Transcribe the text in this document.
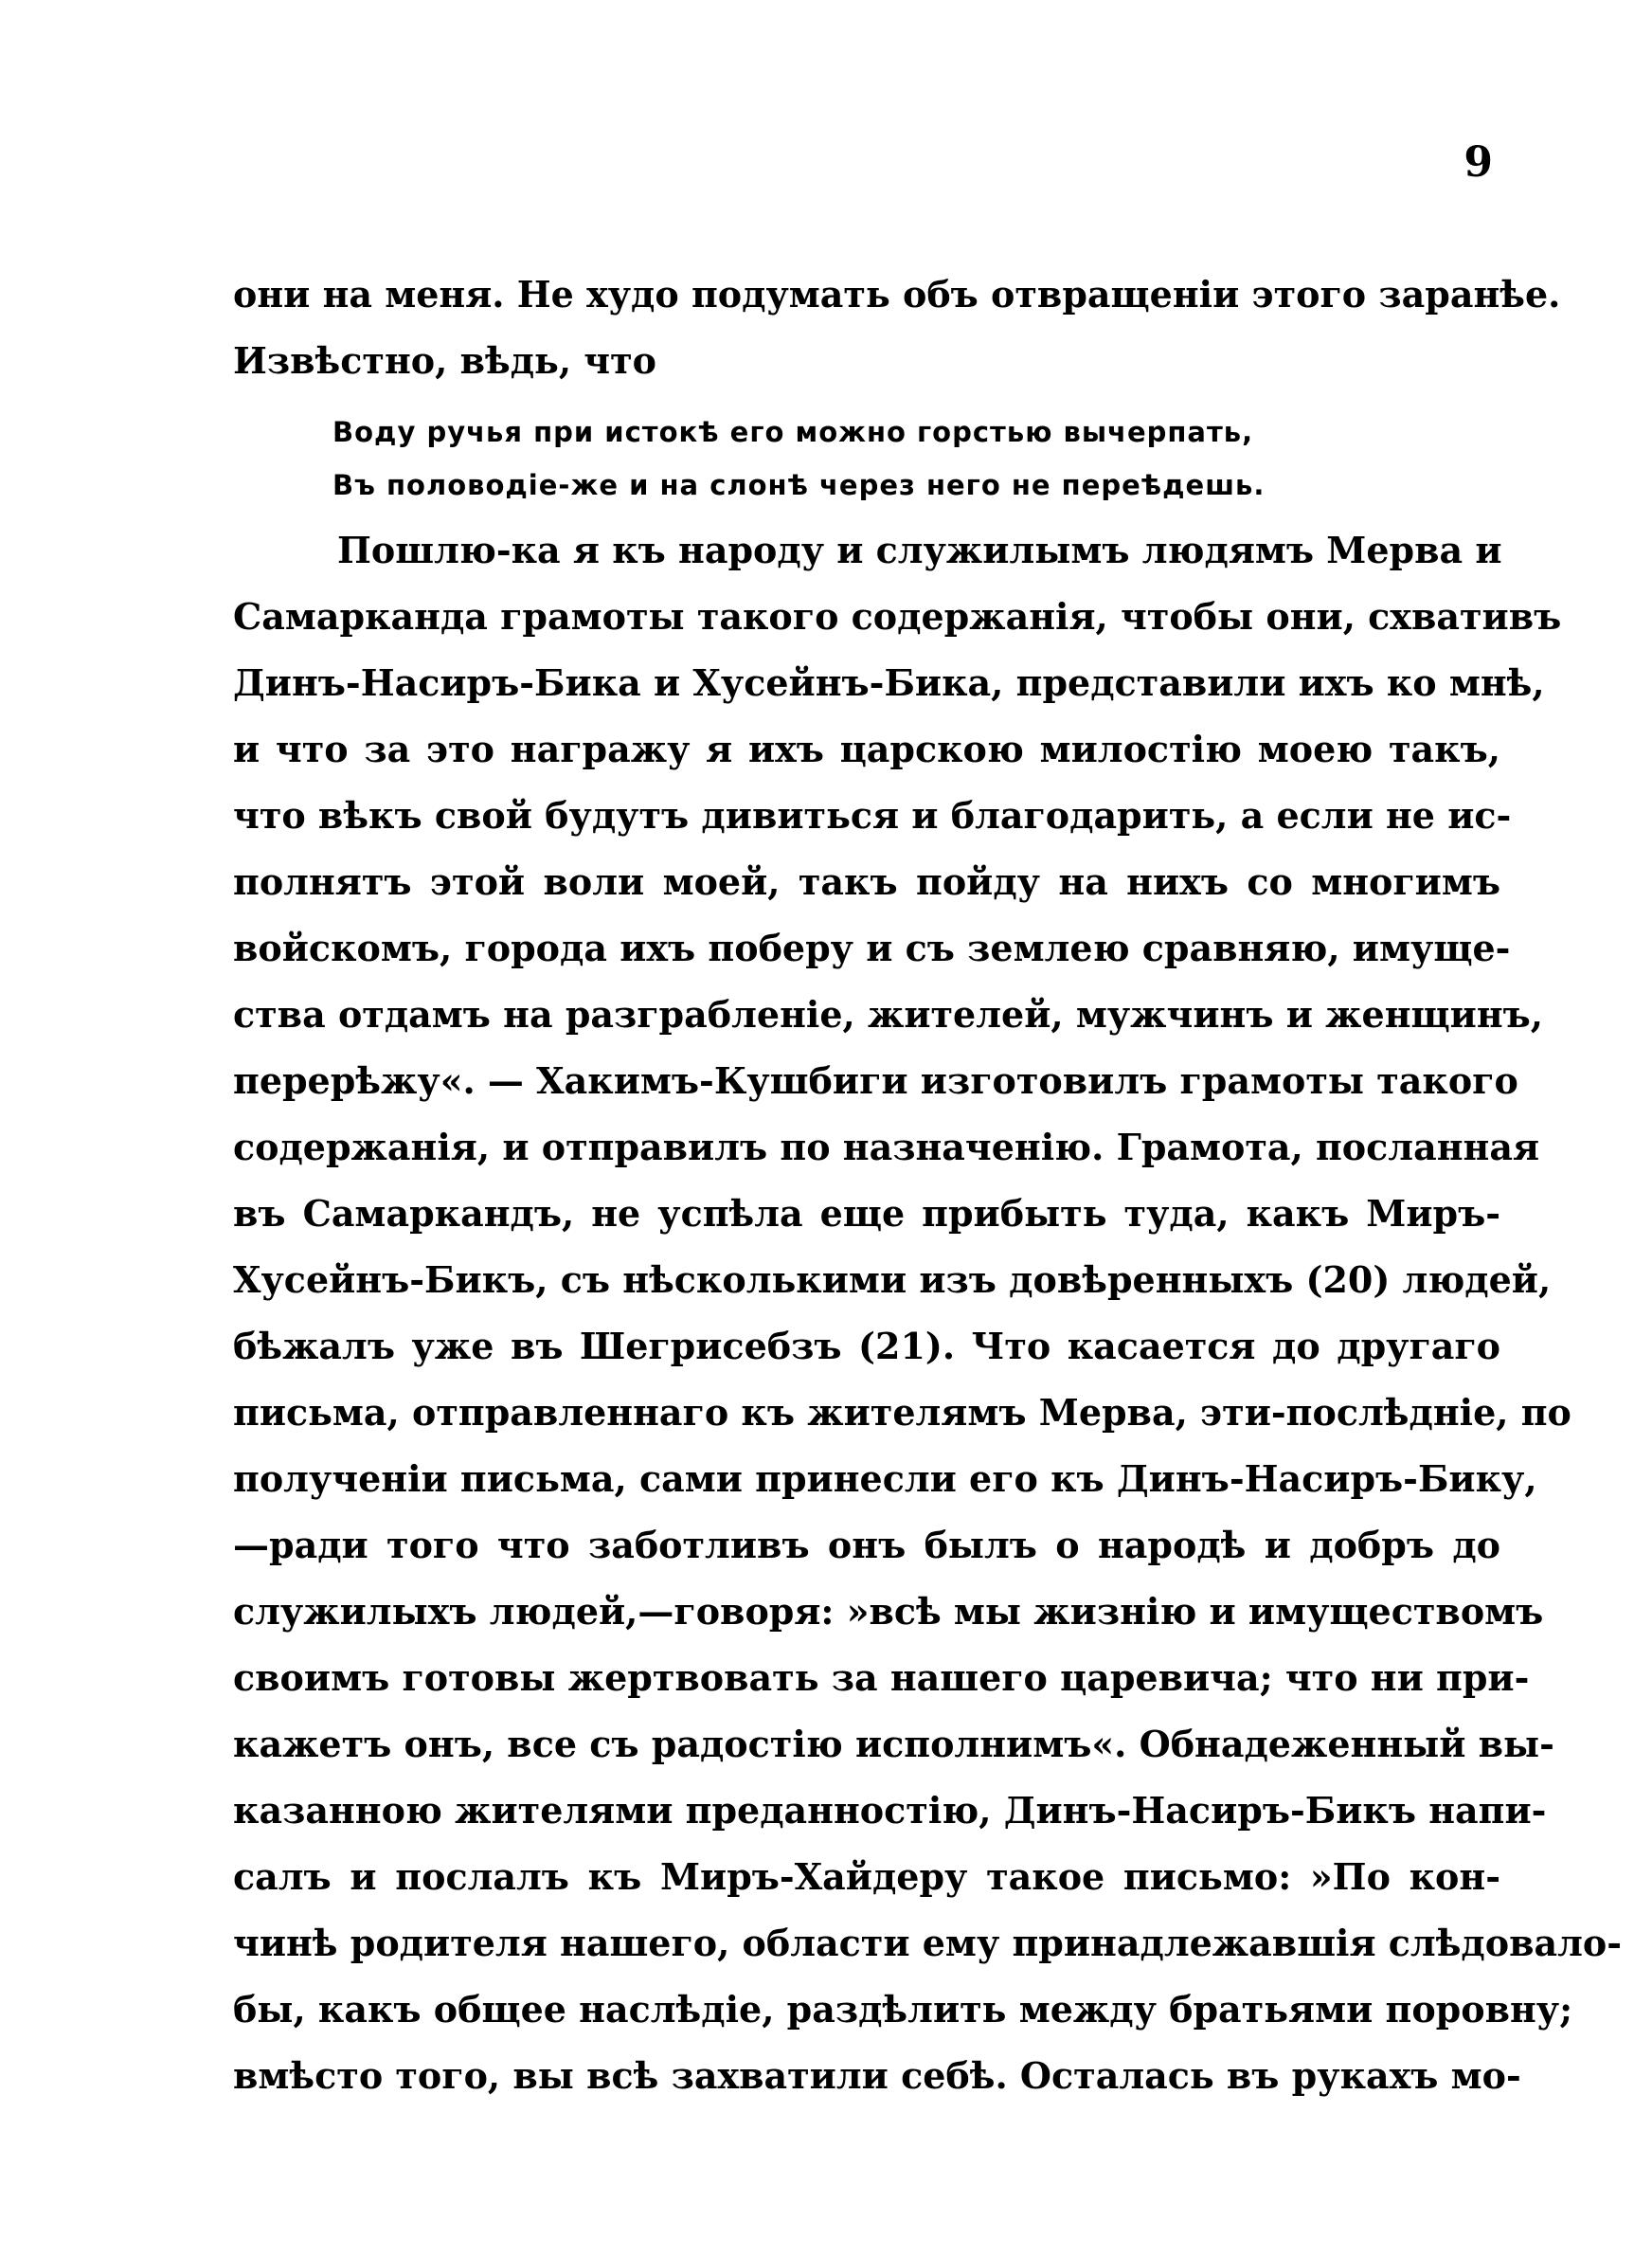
9
они на меня. Не худо подумать объ отвращеніи этого заранѣе.
Извѣстно, вѣдь, что
Воду ручья при истокѣ его можно горстью вычерпать,
Въ половодіе-же и на слонѣ через него не переѣдешь.
Пошлю-ка я къ народу и служилымъ людямъ Мерва и
Самарканда грамоты такого содержанія, чтобы они, схвативъ
Динъ-Насиръ-Бика и Хусейнъ-Бика, представили ихъ ко мнѣ,
и что за это награжу я ихъ царскою милостію моею такъ,
что вѣкъ свой будутъ дивиться и благодарить, а если не ис-
полнятъ этой воли моей, такъ пойду на нихъ со многимъ
войскомъ, города ихъ поберу и съ землею сравняю, имуще-
ства отдамъ на разграбленіе, жителей, мужчинъ и женщинъ,
перерѣжу«. — Хакимъ-Кушбиги изготовилъ грамоты такого
содержанія, и отправилъ по назначенію. Грамота, посланная
въ Самаркандъ, не успѣла еще прибыть туда, какъ Миръ-
Хусейнъ-Бикъ, съ нѣсколькими изъ довѣренныхъ (20) людей,
бѣжалъ уже въ Шегрисебзъ (21). Что касается до другаго
письма, отправленнаго къ жителямъ Мерва, эти-послѣдніе, по
полученіи письма, сами принесли его къ Динъ-Насиръ-Бику,
—ради того что заботливъ онъ былъ о народѣ и добръ до
служилыхъ людей,—говоря: »всѣ мы жизнію и имуществомъ
своимъ готовы жертвовать за нашего царевича; что ни при-
кажетъ онъ, все съ радостію исполнимъ«. Обнадеженный вы-
казанною жителями преданностію, Динъ-Насиръ-Бикъ напи-
салъ и послалъ къ Миръ-Хайдеру такое письмо: »По кон-
чинѣ родителя нашего, области ему принадлежавшія слѣдовало-
бы, какъ общее наслѣдіе, раздѣлить между братьями поровну;
вмѣсто того, вы всѣ захватили себѣ. Осталась въ рукахъ мо-
